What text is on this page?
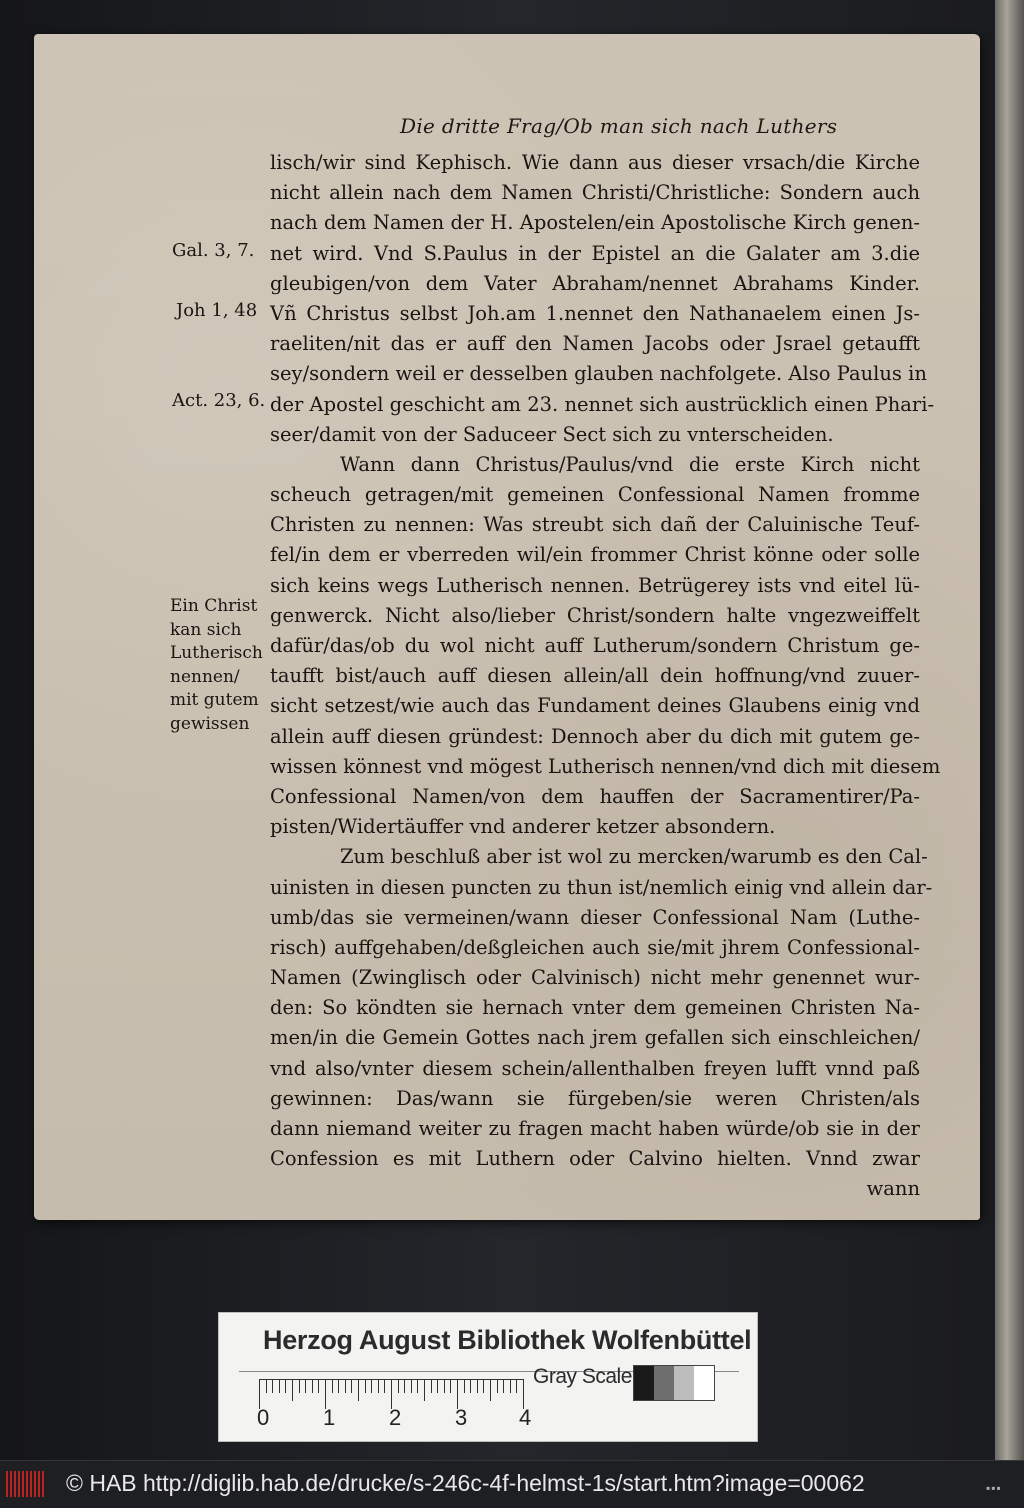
Die dritte Frag/Ob man sich nach Luthers
lisch/wir sind Kephisch. Wie dann aus dieser vrsach/die Kirche
nicht allein nach dem Namen Christi/Christliche: Sondern auch
nach dem Namen der H. Apostelen/ein Apostolische Kirch genen-
net wird. Vnd S.Paulus in der Epistel an die Galater am 3.die
gleubigen/von dem Vater Abraham/nennet Abrahams Kinder.
Vñ Christus selbst Joh.am 1.nennet den Nathanaelem einen Js-
raeliten/nit das er auff den Namen Jacobs oder Jsrael getaufft
sey/sondern weil er desselben glauben nachfolgete. Also Paulus in
der Apostel geschicht am 23. nennet sich austrücklich einen Phari-
seer/damit von der Saduceer Sect sich zu vnterscheiden.
Wann dann Christus/Paulus/vnd die erste Kirch nicht
scheuch getragen/mit gemeinen Confessional Namen fromme
Christen zu nennen: Was streubt sich dañ der Caluinische Teuf-
fel/in dem er vberreden wil/ein frommer Christ könne oder solle
sich keins wegs Lutherisch nennen. Betrügerey ists vnd eitel lü-
genwerck. Nicht also/lieber Christ/sondern halte vngezweiffelt
dafür/das/ob du wol nicht auff Lutherum/sondern Christum ge-
taufft bist/auch auff diesen allein/all dein hoffnung/vnd zuuer-
sicht setzest/wie auch das Fundament deines Glaubens einig vnd
allein auff diesen gründest: Dennoch aber du dich mit gutem ge-
wissen könnest vnd mögest Lutherisch nennen/vnd dich mit diesem
Confessional Namen/von dem hauffen der Sacramentirer/Pa-
pisten/Widertäuffer vnd anderer ketzer absondern.
Zum beschluß aber ist wol zu mercken/warumb es den Cal-
uinisten in diesen puncten zu thun ist/nemlich einig vnd allein dar-
umb/das sie vermeinen/wann dieser Confessional Nam (Luthe-
risch) auffgehaben/deßgleichen auch sie/mit jhrem Confessional-
Namen (Zwinglisch oder Calvinisch) nicht mehr genennet wur-
den: So köndten sie hernach vnter dem gemeinen Christen Na-
men/in die Gemein Gottes nach jrem gefallen sich einschleichen/
vnd also/vnter diesem schein/allenthalben freyen lufft vnnd paß
gewinnen: Das/wann sie fürgeben/sie weren Christen/als
dann niemand weiter zu fragen macht haben würde/ob sie in der
Confession es mit Luthern oder Calvino hielten. Vnnd zwar
wann
Gal. 3, 7.
Joh 1, 48
Act. 23, 6.
Ein Christ
kan sich
Lutherisch
nennen/
mit gutem
gewissen
Herzog August Bibliothek Wolfenbüttel
0 1 2 3 4
Gray Scale
© HAB http://diglib.hab.de/drucke/s-246c-4f-helmst-1s/start.htm?image=00062	▪▪▪
